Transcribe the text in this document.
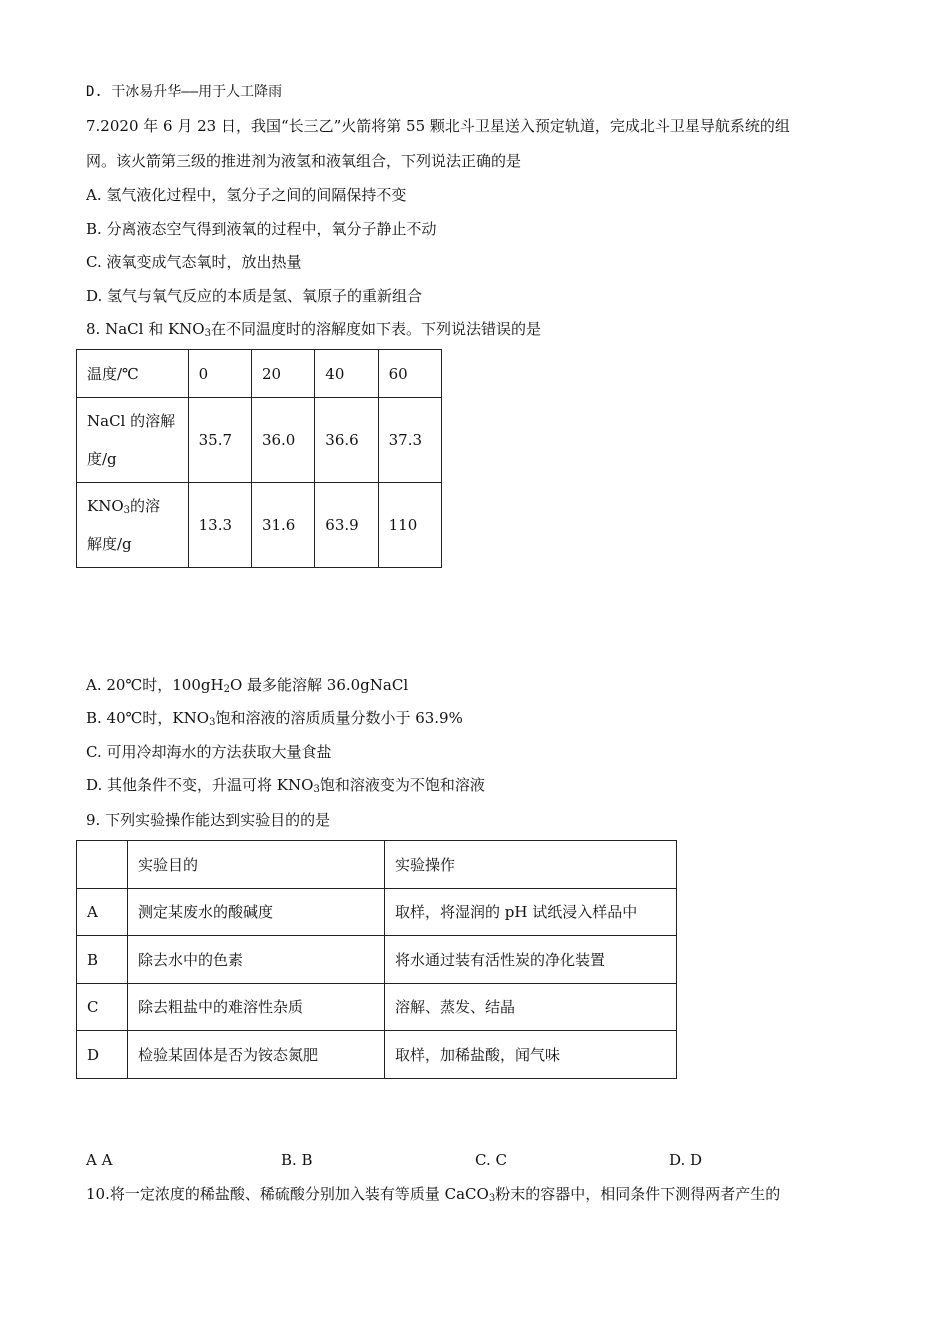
D. 干冰易升华——用于人工降雨
7.2020 年 6 月 23 日，我国“长三乙”火箭将第 55 颗北斗卫星送入预定轨道，完成北斗卫星导航系统的组
网。该火箭第三级的推进剂为液氢和液氧组合，下列说法正确的是
A. 氢气液化过程中，氢分子之间的间隔保持不变
B. 分离液态空气得到液氧的过程中，氧分子静止不动
C. 液氧变成气态氧时，放出热量
D. 氢气与氧气反应的本质是氢、氧原子的重新组合
8. NaCl 和 $KNO_3$在不同温度时的溶解度如下表。下列说法错误的是
温度/℃	0	20	40	60

NaCl 的溶解
度/g	35.7	36.0	36.6	37.3

$KNO_3$的溶
解度/g	13.3	31.6	63.9	110
A. 20℃时，$100gH_2O$ 最多能溶解 36.0gNaCl
B. 40℃时，$KNO_3$饱和溶液的溶质质量分数小于 63.9%
C. 可用冷却海水的方法获取大量食盐
D. 其他条件不变，升温可将 $KNO_3$饱和溶液变为不饱和溶液
9. 下列实验操作能达到实验目的的是
	实验目的	实验操作
A	测定某废水的酸碱度	取样，将湿润的 pH 试纸浸入样品中
B	除去水中的色素	将水通过装有活性炭的净化装置
C	除去粗盐中的难溶性杂质	溶解、蒸发、结晶
D	检验某固体是否为铵态氮肥	取样，加稀盐酸，闻气味
A A	B. B	C. C	D. D
10.将一定浓度的稀盐酸、稀硫酸分别加入装有等质量 CaCO$_3$粉末的容器中，相同条件下测得两者产生的
